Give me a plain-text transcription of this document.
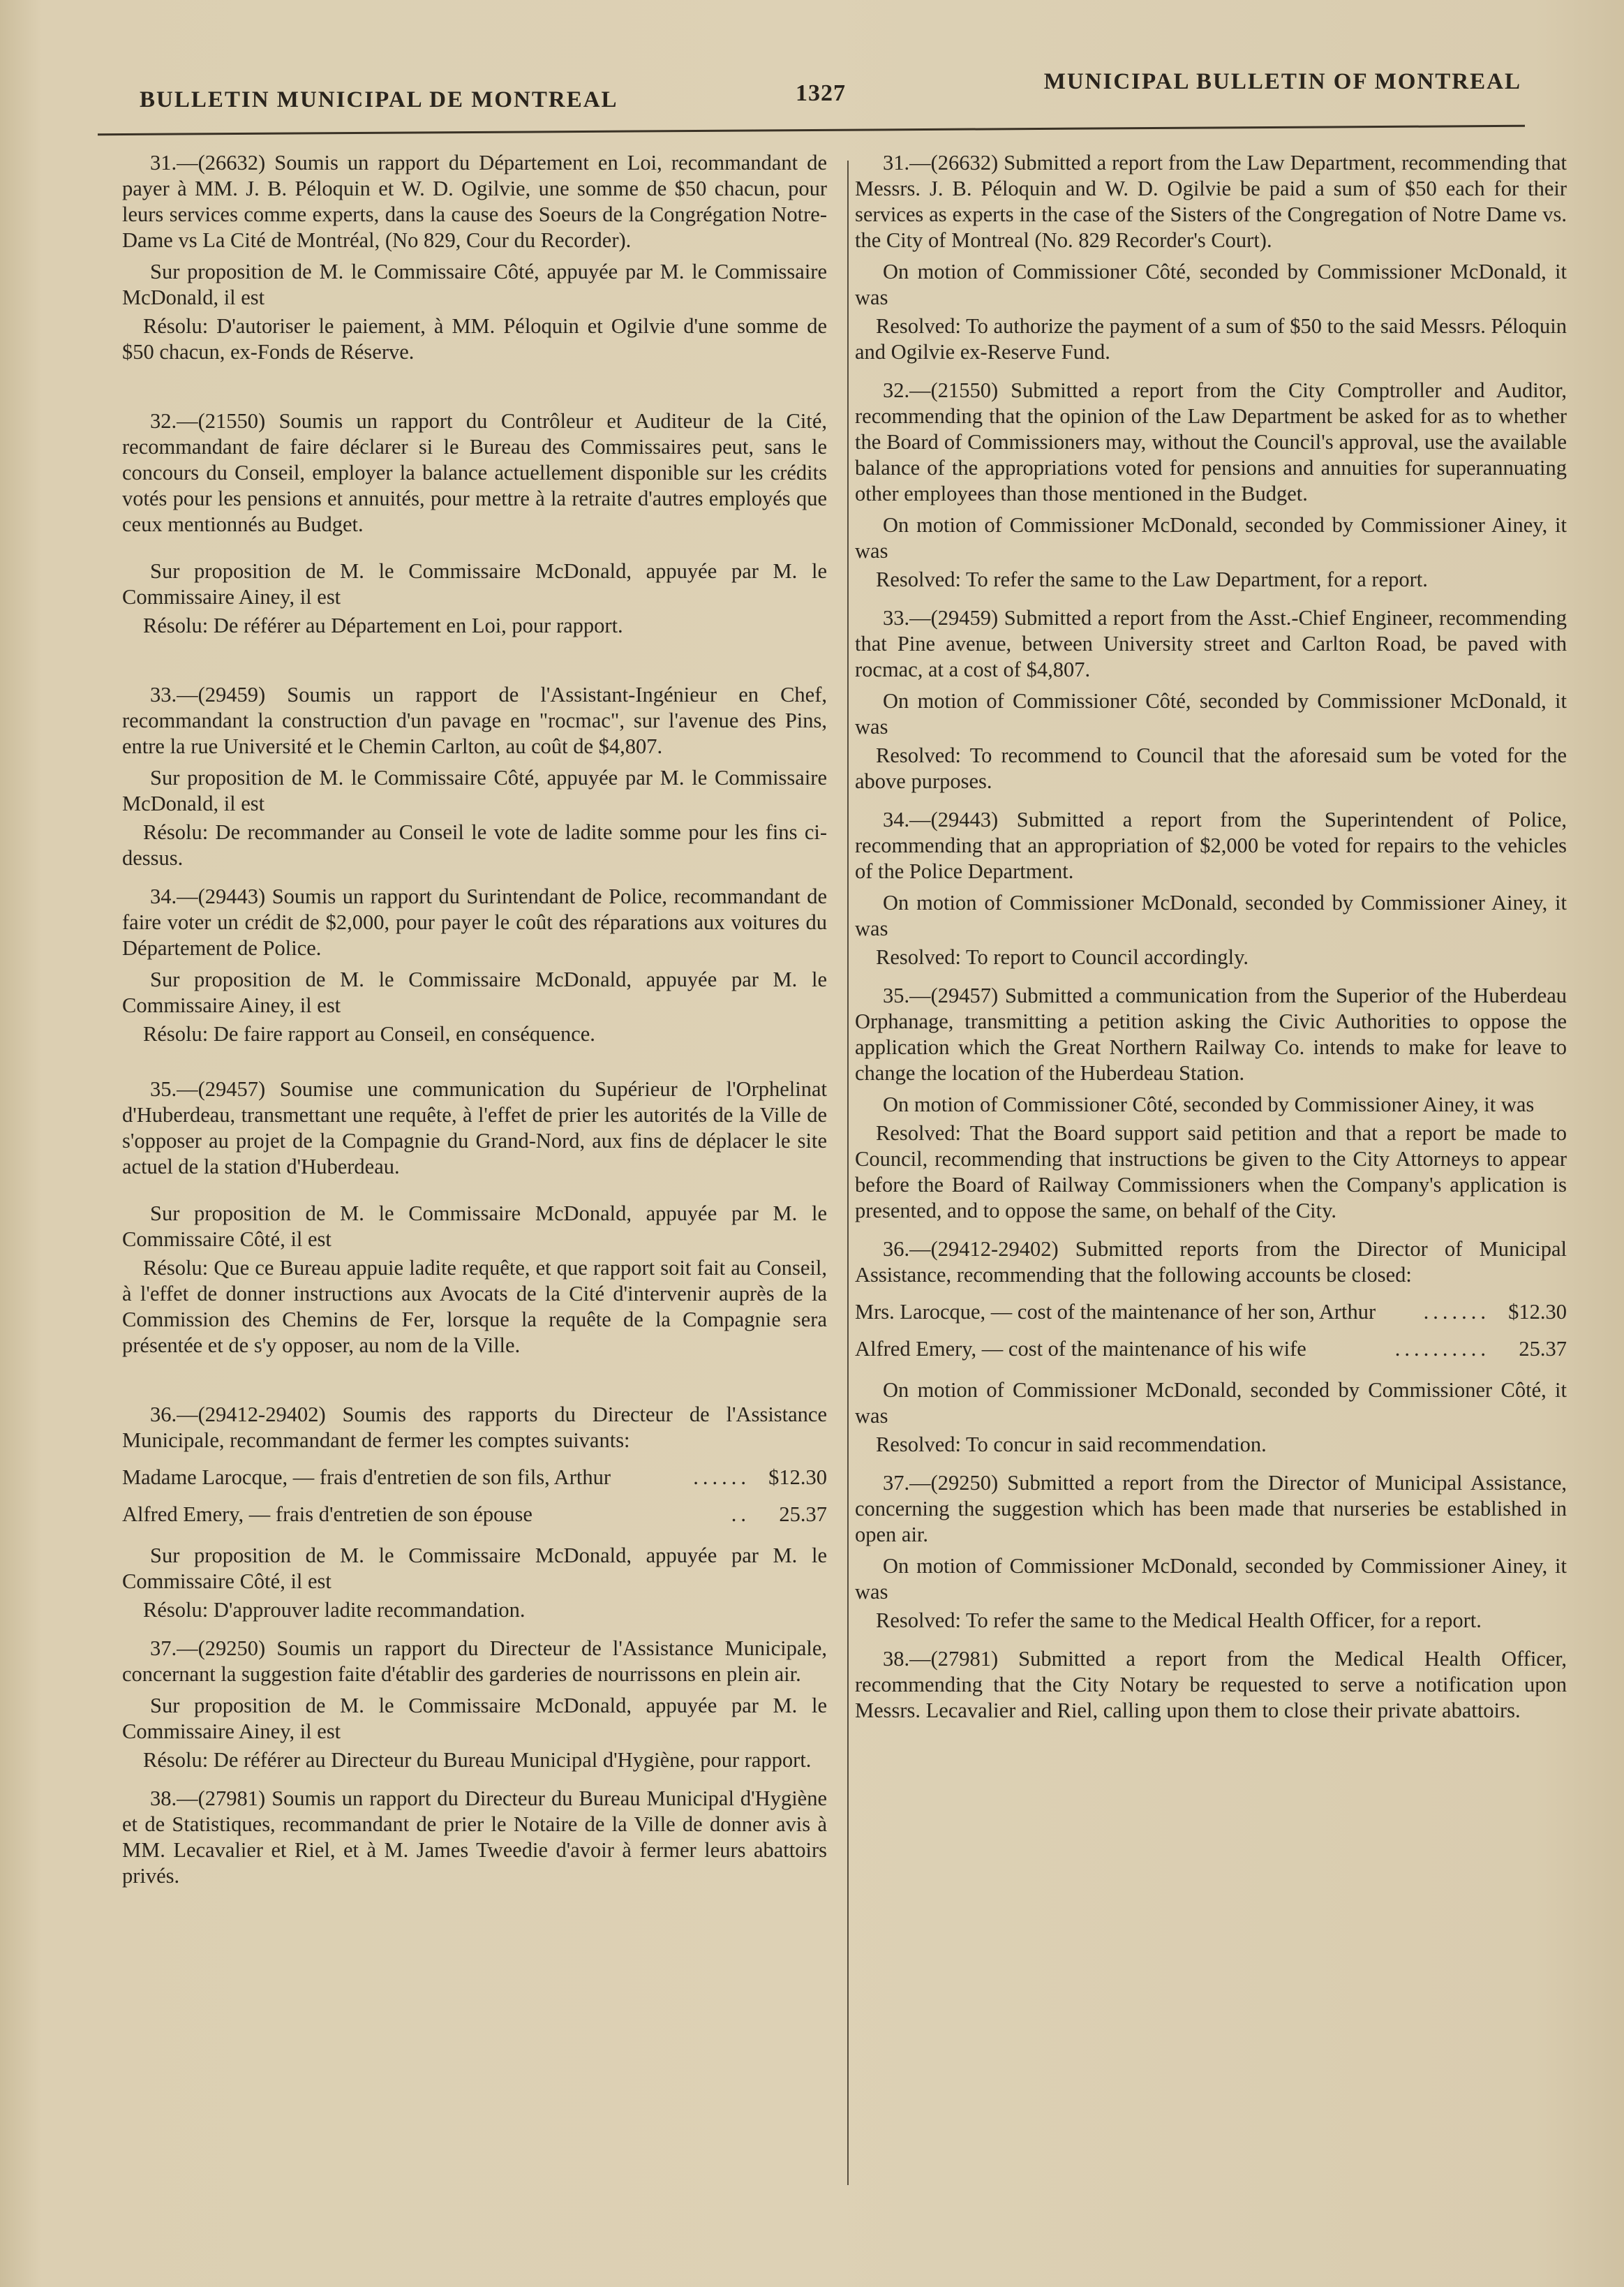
BULLETIN MUNICIPAL DE MONTREAL	1327	MUNICIPAL BULLETIN OF MONTREAL

31.—(26632) Soumis un rapport du Département en Loi, recommandant de payer à MM. J. B. Péloquin et W. D. Ogilvie, une somme de $50 chacun, pour leurs services comme experts, dans la cause des Soeurs de la Congrégation Notre-Dame vs La Cité de Montréal, (No 829, Cour du Recorder).

Sur proposition de M. le Commissaire Côté, appuyée par M. le Commissaire McDonald, il est

Résolu: D'autoriser le paiement, à MM. Péloquin et Ogilvie d'une somme de $50 chacun, ex-Fonds de Réserve.

32.—(21550) Soumis un rapport du Contrôleur et Auditeur de la Cité, recommandant de faire déclarer si le Bureau des Commissaires peut, sans le concours du Conseil, employer la balance actuellement disponible sur les crédits votés pour les pensions et annuités, pour mettre à la retraite d'autres employés que ceux mentionnés au Budget.

Sur proposition de M. le Commissaire McDonald, appuyée par M. le Commissaire Ainey, il est

Résolu: De référer au Département en Loi, pour rapport.

33.—(29459) Soumis un rapport de l'Assistant-Ingénieur en Chef, recommandant la construction d'un pavage en "rocmac", sur l'avenue des Pins, entre la rue Université et le Chemin Carlton, au coût de $4,807.

Sur proposition de M. le Commissaire Côté, appuyée par M. le Commissaire McDonald, il est

Résolu: De recommander au Conseil le vote de ladite somme pour les fins ci-dessus.

34.—(29443) Soumis un rapport du Surintendant de Police, recommandant de faire voter un crédit de $2,000, pour payer le coût des réparations aux voitures du Département de Police.

Sur proposition de M. le Commissaire McDonald, appuyée par M. le Commissaire Ainey, il est

Résolu: De faire rapport au Conseil, en conséquence.

35.—(29457) Soumise une communication du Supérieur de l'Orphelinat d'Huberdeau, transmettant une requête, à l'effet de prier les autorités de la Ville de s'opposer au projet de la Compagnie du Grand-Nord, aux fins de déplacer le site actuel de la station d'Huberdeau.

Sur proposition de M. le Commissaire McDonald, appuyée par M. le Commissaire Côté, il est

Résolu: Que ce Bureau appuie ladite requête, et que rapport soit fait au Conseil, à l'effet de donner instructions aux Avocats de la Cité d'intervenir auprès de la Commission des Chemins de Fer, lorsque la requête de la Compagnie sera présentée et de s'y opposer, au nom de la Ville.

36.—(29412-29402) Soumis des rapports du Directeur de l'Assistance Municipale, recommandant de fermer les comptes suivants:

Madame Larocque, — frais d'entretien de son fils, Arthur	...... $12.30
Alfred Emery, — frais d'entretien de son épouse	..	25.37

Sur proposition de M. le Commissaire McDonald, appuyée par M. le Commissaire Côté, il est

Résolu: D'approuver ladite recommandation.

37.—(29250) Soumis un rapport du Directeur de l'Assistance Municipale, concernant la suggestion faite d'établir des garderies de nourrissons en plein air.

Sur proposition de M. le Commissaire McDonald, appuyée par M. le Commissaire Ainey, il est

Résolu: De référer au Directeur du Bureau Municipal d'Hygiène, pour rapport.

38.—(27981) Soumis un rapport du Directeur du Bureau Municipal d'Hygiène et de Statistiques, recommandant de prier le Notaire de la Ville de donner avis à MM. Lecavalier et Riel, et à M. James Tweedie d'avoir à fermer leurs abattoirs privés.

31.—(26632) Submitted a report from the Law Department, recommending that Messrs. J. B. Péloquin and W. D. Ogilvie be paid a sum of $50 each for their services as experts in the case of the Sisters of the Congregation of Notre Dame vs. the City of Montreal (No. 829 Recorder's Court).

On motion of Commissioner Côté, seconded by Commissioner McDonald, it was

Resolved: To authorize the payment of a sum of $50 to the said Messrs. Péloquin and Ogilvie ex-Reserve Fund.

32.—(21550) Submitted a report from the City Comptroller and Auditor, recommending that the opinion of the Law Department be asked for as to whether the Board of Commissioners may, without the Council's approval, use the available balance of the appropriations voted for pensions and annuities for superannuating other employees than those mentioned in the Budget.

On motion of Commissioner McDonald, seconded by Commissioner Ainey, it was

Resolved: To refer the same to the Law Department, for a report.

33.—(29459) Submitted a report from the Asst.-Chief Engineer, recommending that Pine avenue, between University street and Carlton Road, be paved with rocmac, at a cost of $4,807.

On motion of Commissioner Côté, seconded by Commissioner McDonald, it was

Resolved: To recommend to Council that the aforesaid sum be voted for the above purposes.

34.—(29443) Submitted a report from the Superintendent of Police, recommending that an appropriation of $2,000 be voted for repairs to the vehicles of the Police Department.

On motion of Commissioner McDonald, seconded by Commissioner Ainey, it was

Resolved: To report to Council accordingly.

35.—(29457) Submitted a communication from the Superior of the Huberdeau Orphanage, transmitting a petition asking the Civic Authorities to oppose the application which the Great Northern Railway Co. intends to make for leave to change the location of the Huberdeau Station.

On motion of Commissioner Côté, seconded by Commissioner Ainey, it was

Resolved: That the Board support said petition and that a report be made to Council, recommending that instructions be given to the City Attorneys to appear before the Board of Railway Commissioners when the Company's application is presented, and to oppose the same, on behalf of the City.

36.—(29412-29402) Submitted reports from the Director of Municipal Assistance, recommending that the following accounts be closed:

Mrs. Larocque, — cost of the maintenance of her son, Arthur	....... $12.30
Alfred Emery, — cost of the maintenance of his wife	..........	25.37

On motion of Commissioner McDonald, seconded by Commissioner Côté, it was

Resolved: To concur in said recommendation.

37.—(29250) Submitted a report from the Director of Municipal Assistance, concerning the suggestion which has been made that nurseries be established in open air.

On motion of Commissioner McDonald, seconded by Commissioner Ainey, it was

Resolved: To refer the same to the Medical Health Officer, for a report.

38.—(27981) Submitted a report from the Medical Health Officer, recommending that the City Notary be requested to serve a notification upon Messrs. Lecavalier and Riel, calling upon them to close their private abattoirs.
